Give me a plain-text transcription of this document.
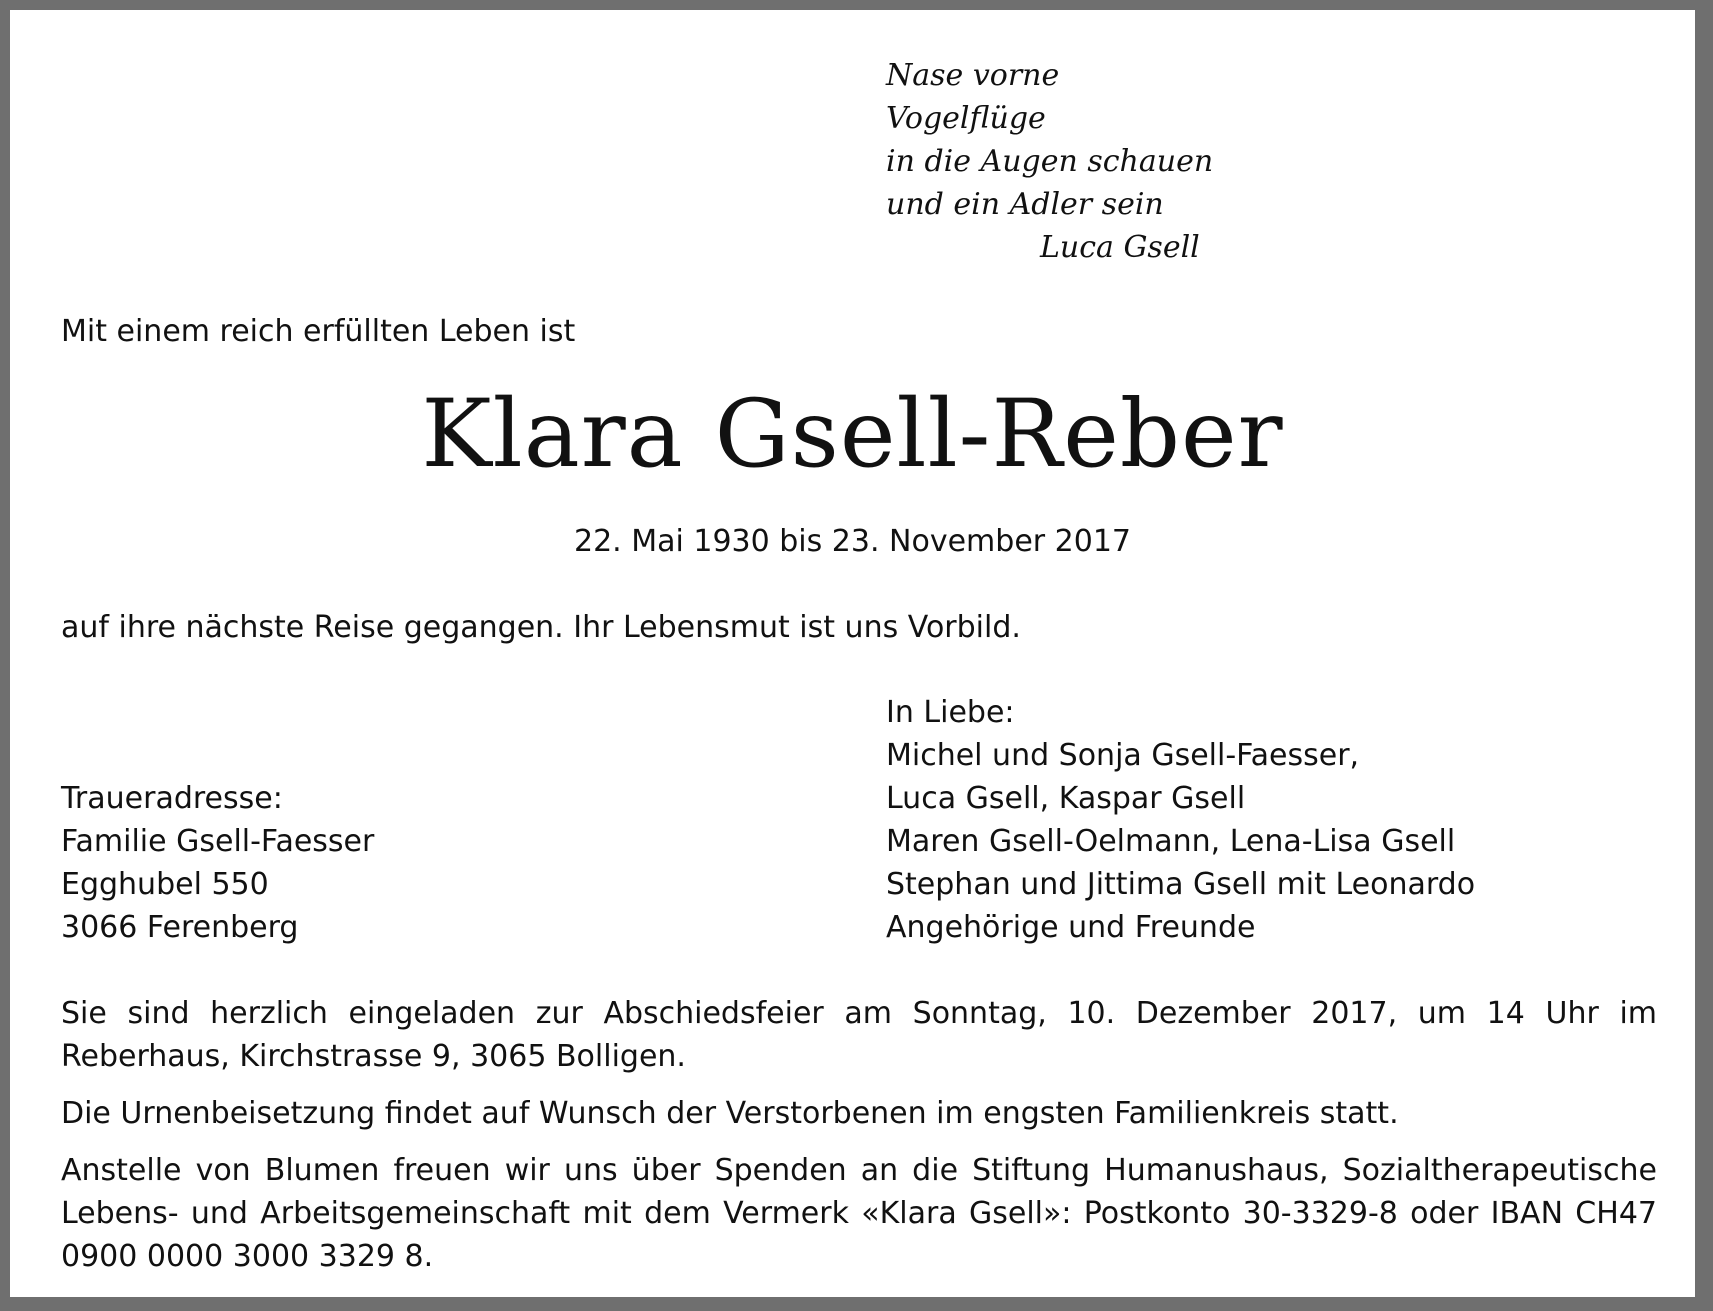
Nase vorne
Vogelflüge
in die Augen schauen
und ein Adler sein
Luca Gsell
Mit einem reich erfüllten Leben ist
Klara Gsell-Reber
22. Mai 1930 bis 23. November 2017
auf ihre nächste Reise gegangen. Ihr Lebensmut ist uns Vorbild.
Traueradresse:
Familie Gsell-Faesser
Egghubel 550
3066 Ferenberg
In Liebe:
Michel und Sonja Gsell-Faesser,
Luca Gsell, Kaspar Gsell
Maren Gsell-Oelmann, Lena-Lisa Gsell
Stephan und Jittima Gsell mit Leonardo
Angehörige und Freunde
Sie sind herzlich eingeladen zur Abschiedsfeier am Sonntag, 10. Dezember 2017, um 14 Uhr im Reberhaus, Kirchstrasse 9, 3065 Bolligen.
Die Urnenbeisetzung findet auf Wunsch der Verstorbenen im engsten Familienkreis statt.
Anstelle von Blumen freuen wir uns über Spenden an die Stiftung Humanushaus, Sozialtherapeutische Lebens- und Arbeitsgemeinschaft mit dem Vermerk «Klara Gsell»: Postkonto 30-3329-8 oder IBAN CH47 0900 0000 3000 3329 8.
